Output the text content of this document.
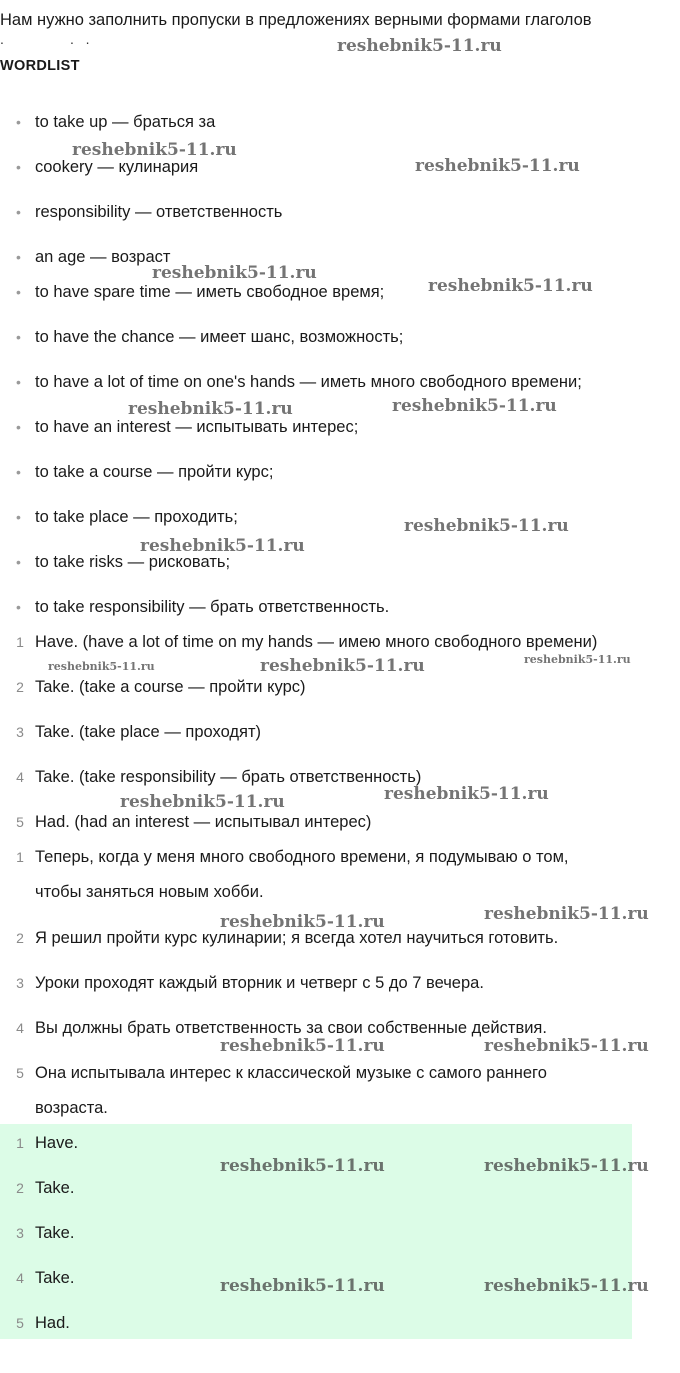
Нам нужно заполнить пропуски в предложениях верными формами глаголов
.                 .   .
WORDLIST
• to take up — браться за
• cookery — кулинария
• responsibility — ответственность
• an age — возраст
• to have spare time — иметь свободное время;
• to have the chance — имеет шанс, возможность;
• to have a lot of time on one's hands — иметь много свободного времени;
• to have an interest — испытывать интерес;
• to take a course — пройти курс;
• to take place — проходить;
• to take risks — рисковать;
• to take responsibility — брать ответственность.
1 Have. (have a lot of time on my hands — имею много свободного времени)
2 Take. (take a course — пройти курс)
3 Take. (take place — проходят)
4 Take. (take responsibility — брать ответственность)
5 Had. (had an interest — испытывал интерес)
1 Теперь, когда у меня много свободного времени, я подумываю о том,
чтобы заняться новым хобби.
2 Я решил пройти курс кулинарии; я всегда хотел научиться готовить.
3 Уроки проходят каждый вторник и четверг с 5 до 7 вечера.
4 Вы должны брать ответственность за свои собственные действия.
5 Она испытывала интерес к классической музыке с самого раннего
возраста.
1 Have.
2 Take.
3 Take.
4 Take.
5 Had.
reshebnik5-11.ru
reshebnik5-11.ru
reshebnik5-11.ru
reshebnik5-11.ru
reshebnik5-11.ru
reshebnik5-11.ru	reshebnik5-11.ru
reshebnik5-11.ru
reshebnik5-11.ru
reshebnik5-11.ru	reshebnik5-11.ru	reshebnik5-11.ru
reshebnik5-11.ru	reshebnik5-11.ru
reshebnik5-11.ru	reshebnik5-11.ru
reshebnik5-11.ru	reshebnik5-11.ru
reshebnik5-11.ru	reshebnik5-11.ru
reshebnik5-11.ru	reshebnik5-11.ru
